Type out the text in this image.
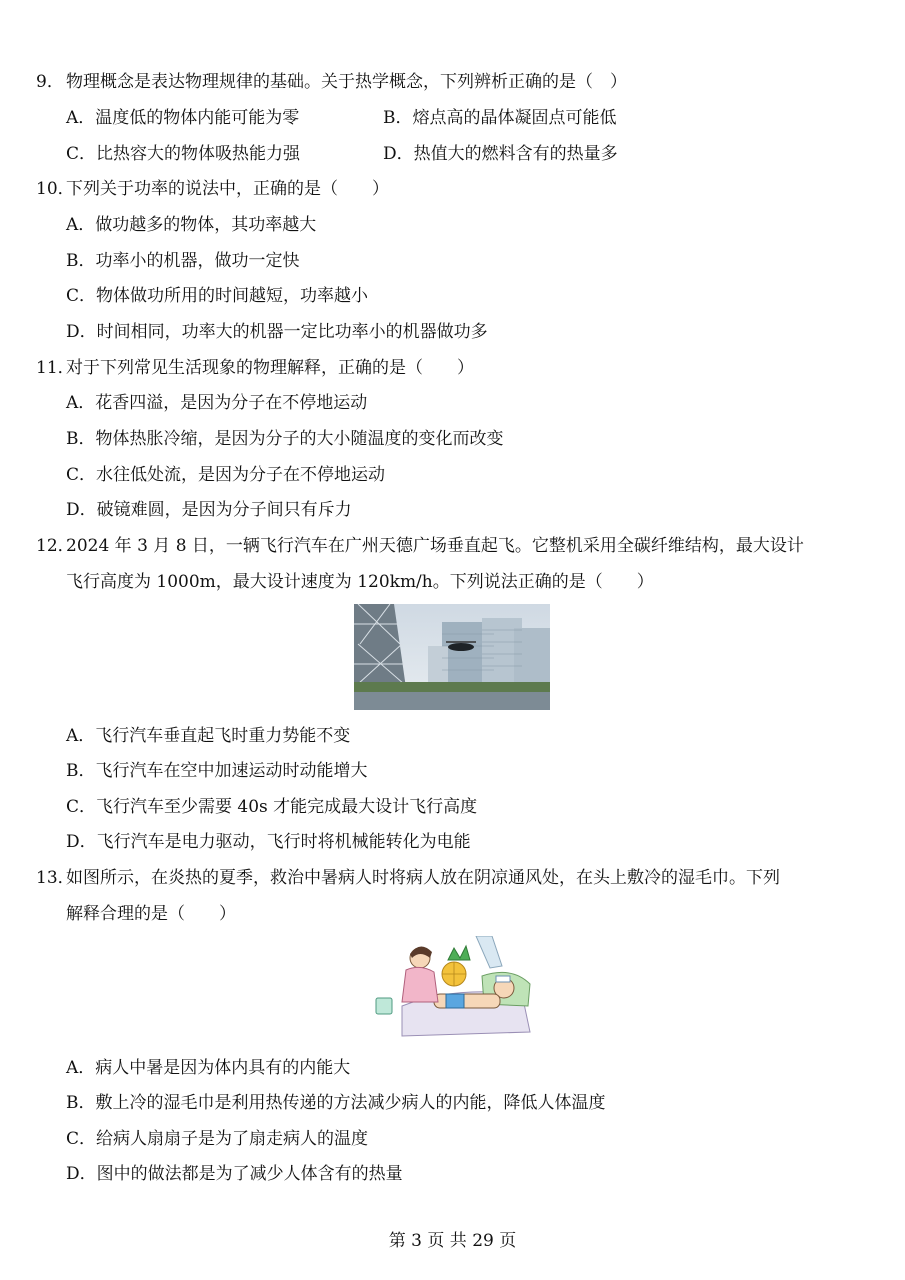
9． 物理概念是表达物理规律的基础。关于热学概念，下列辨析正确的是（　）
A．温度低的物体内能可能为零	B．熔点高的晶体凝固点可能低
C．比热容大的物体吸热能力强	D．热值大的燃料含有的热量多
10．
下列关于功率的说法中，正确的是（　　）
A．做功越多的物体，其功率越大
B．功率小的机器，做功一定快
C．物体做功所用的时间越短，功率越小
D．时间相同，功率大的机器一定比功率小的机器做功多
11．
对于下列常见生活现象的物理解释，正确的是（　　）
A．花香四溢，是因为分子在不停地运动
B．物体热胀冷缩，是因为分子的大小随温度的变化而改变
C．水往低处流，是因为分子在不停地运动
D．破镜难圆，是因为分子间只有斥力
12．
2024 年 3 月 8 日，一辆飞行汽车在广州天德广场垂直起飞。它整机采用全碳纤维结构，最大设计
飞行高度为 1000m，最大设计速度为 120km/h。下列说法正确的是（　　）
A．飞行汽车垂直起飞时重力势能不变
B．飞行汽车在空中加速运动时动能增大
C．飞行汽车至少需要 40s 才能完成最大设计飞行高度
D．飞行汽车是电力驱动，飞行时将机械能转化为电能
13．
如图所示，在炎热的夏季，救治中暑病人时将病人放在阴凉通风处，在头上敷冷的湿毛巾。下列
解释合理的是（　　）
A．病人中暑是因为体内具有的内能大
B．敷上冷的湿毛巾是利用热传递的方法减少病人的内能，降低人体温度
C．给病人扇扇子是为了扇走病人的温度
D．图中的做法都是为了减少人体含有的热量
第 3 页 共 29 页
